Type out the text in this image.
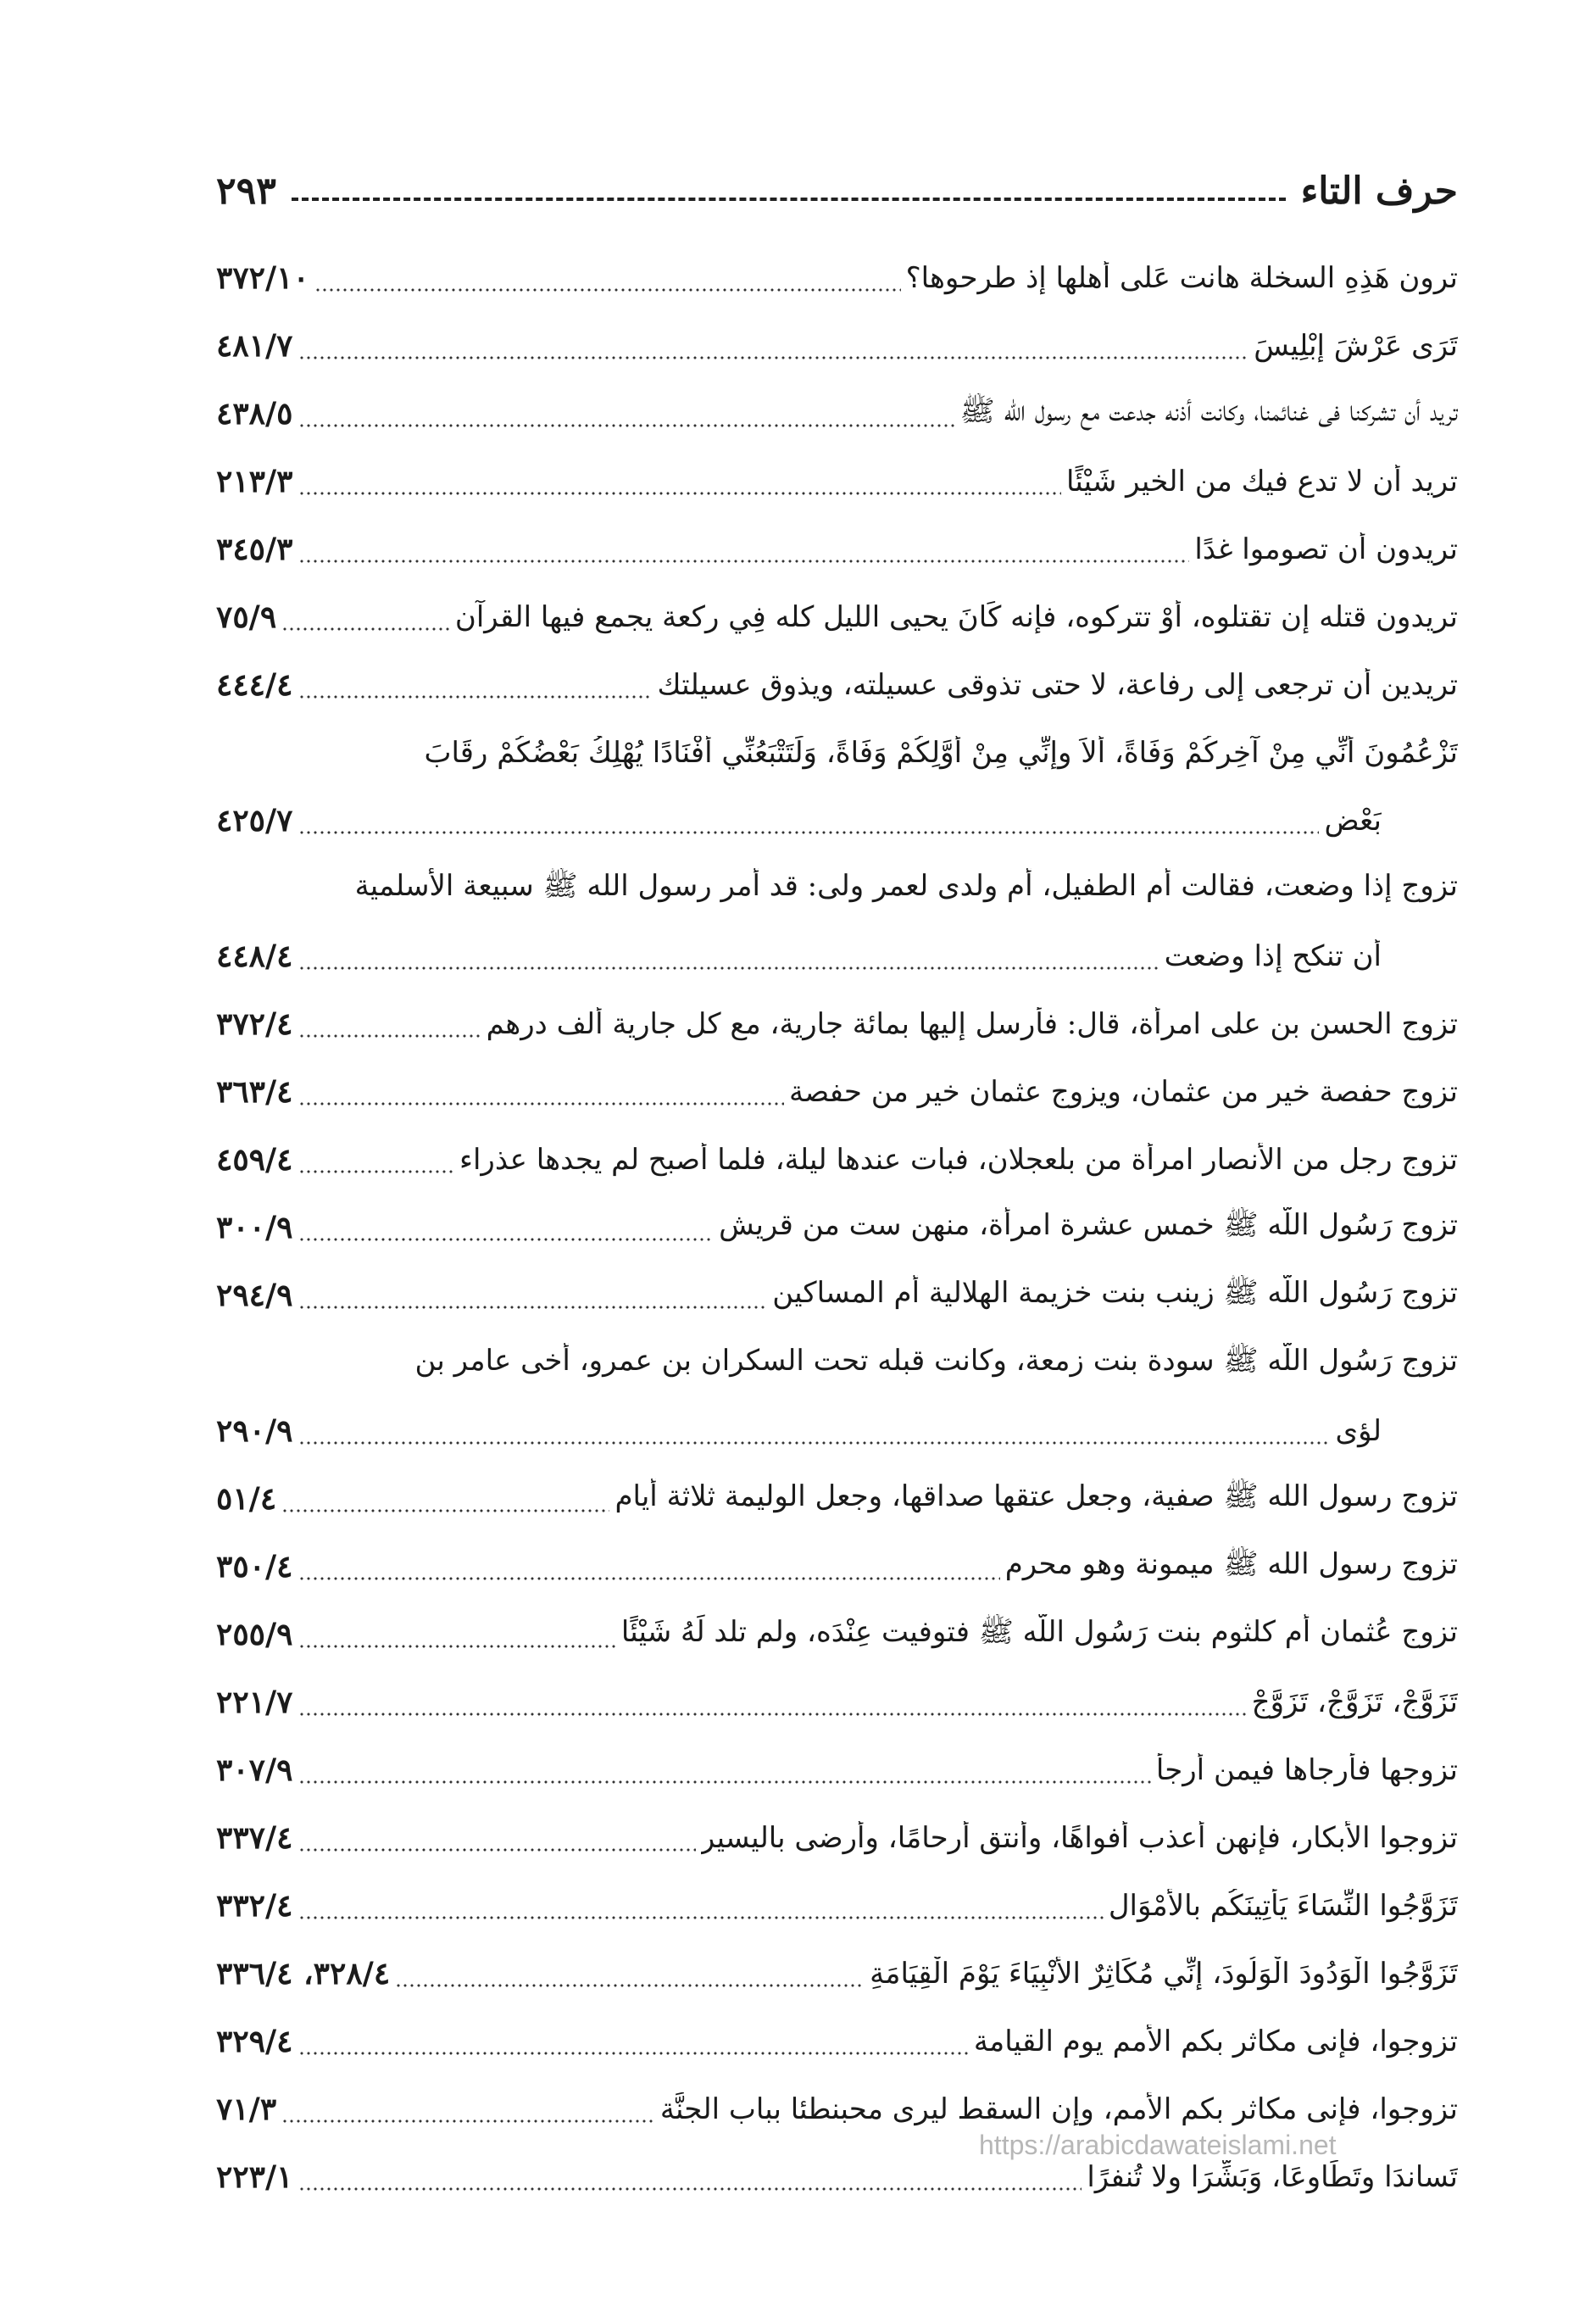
حرف التاء
٢٩٣
ترون هَذِهِ السخلة هانت عَلى أهلها إذ طرحوها؟
٣٧٢/١٠
تَرَى عَرْشَ إِبْلِيسَ
٤٨١/٧
تريد أن تشركنا فى غنائمنا، وكانت أذنه جدعت مع رسول الله ﷺ
٤٣٨/٥
تريد أن لا تدع فيك من الخير شَيْئًا
٢١٣/٣
تريدون أن تصوموا غدًا
٣٤٥/٣
تريدون قتله إن تقتلوه، أَوْ تتركوه، فإنه كَانَ يحيى الليل كله فِي ركعة يجمع فيها القرآن
٧٥/٩
تريدين أن ترجعى إلى رفاعة، لا حتى تذوقى عسيلته، ويذوق عسيلتك
٤٤٤/٤
تَزْعُمُونَ أَنِّي مِنْ آخِرِكُمْ وَفَاةً، أَلاَ وإِنِّي مِنْ أَوَّلِكُمْ وَفَاةً، وَلَتَتْبَعُنِّي أَفْنَادًا يُهْلِكُ بَعْضُكُمْ رِقَابَ
بَعْضٍ
٤٢٥/٧
تزوج إذا وضعت، فقالت أم الطفيل، أم ولدى لعمر ولى: قد أمر رسول الله ﷺ سبيعة الأسلمية
أن تنكح إذا وضعت
٤٤٨/٤
تزوج الحسن بن على امرأة، قال: فأرسل إليها بمائة جارية، مع كل جارية ألف درهم
٣٧٢/٤
تزوج حفصة خير من عثمان، ويزوج عثمان خير من حفصة
٣٦٣/٤
تزوج رجل من الأنصار امرأة من بلعجلان، فبات عندها ليلة، فلما أصبح لم يجدها عذراء
٤٥٩/٤
تزوج رَسُول اللَّه ﷺ خمس عشرة امرأة، منهن ست من قريش
٣٠٠/٩
تزوج رَسُول اللَّه ﷺ زينب بنت خزيمة الهلالية أم المساكين
٢٩٤/٩
تزوج رَسُول اللَّه ﷺ سودة بنت زمعة، وكانت قبله تحت السكران بن عمرو، أخى عامر بن
لؤى
٢٩٠/٩
تزوج رسول الله ﷺ صفية، وجعل عتقها صداقها، وجعل الوليمة ثلاثة أيام
٥١/٤
تزوج رسول الله ﷺ ميمونة وهو محرم
٣٥٠/٤
تزوج عُثمان أم كلثوم بنت رَسُول اللَّه ﷺ فتوفيت عِنْدَه، ولم تلد لَهُ شَيْئًا
٢٥٥/٩
تَزَوَّجْ، تَزَوَّجْ، تَزَوَّجْ
٢٢١/٧
تزوجها فأرجاها فيمن أرجأ
٣٠٧/٩
تزوجوا الأبكار، فإنهن أعذب أفواهًا، وأنتق أرحامًا، وأرضى باليسير
٣٣٧/٤
تَزَوَّجُوا النِّسَاءَ يَأْتِينَكُم بالأَمْوَال
٣٣٢/٤
تَزَوَّجُوا الْوَدُودَ الْوَلُودَ، إِنِّي مُكَاثِرٌ الأَنْبِيَاءَ يَوْمَ الْقِيَامَةِ
٣٢٨/٤، ٣٣٦/٤
تزوجوا، فإنى مكاثر بكم الأمم يوم القيامة
٣٢٩/٤
تزوجوا، فإنى مكاثر بكم الأمم، وإن السقط ليرى محبنطئا بباب الجنَّة
٧١/٣
تَساندَا وتَطَاوعَا، وَبَشِّرَا ولا تُنفرًا
٢٢٣/١
https://arabicdawateislami.net
